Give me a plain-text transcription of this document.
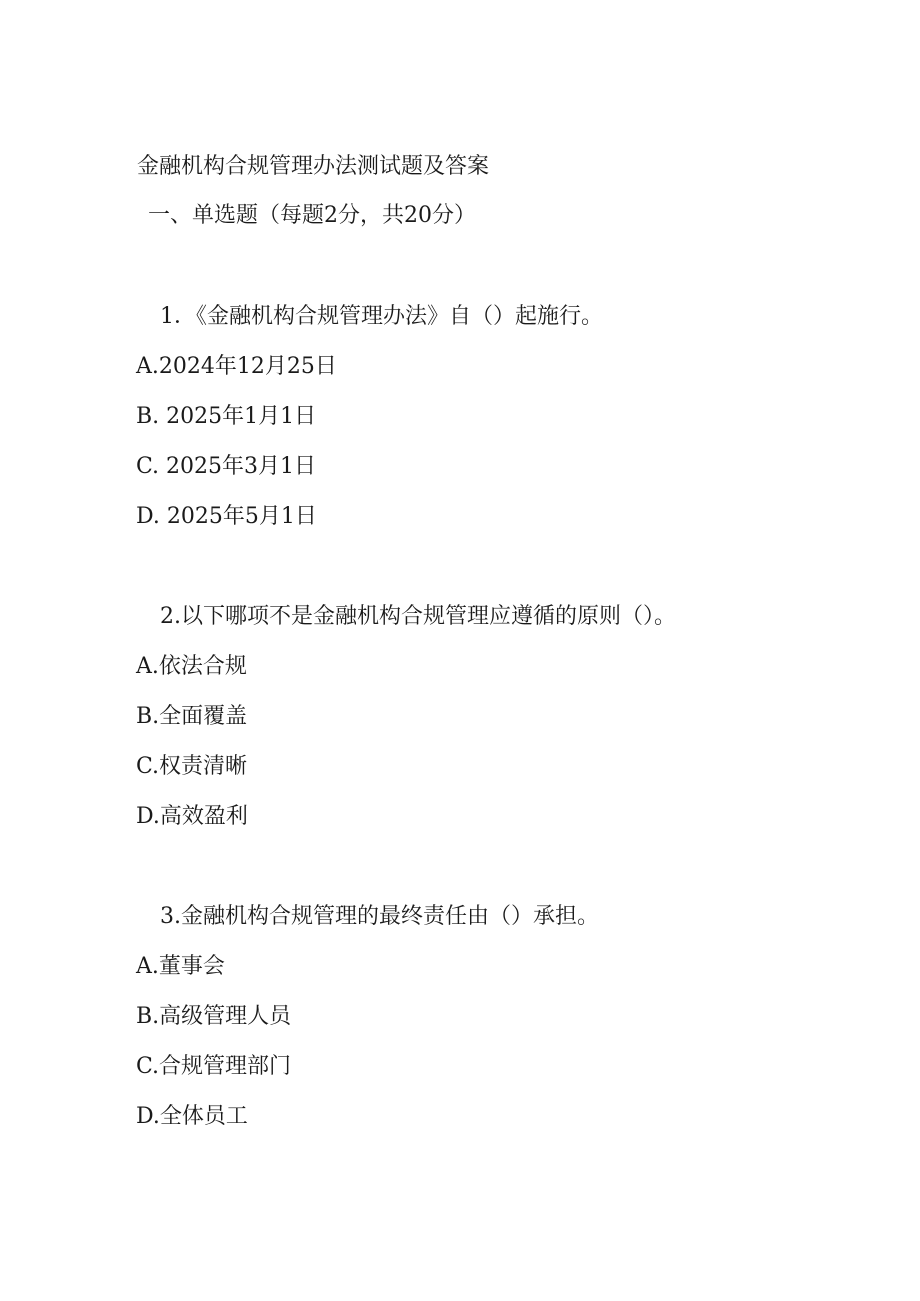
金融机构合规管理办法测试题及答案
一、单选题（每题2分，共20分）
1．《金融机构合规管理办法》自（）起施行。
A.2024年12月25日
B. 2025年1月1日
C. 2025年3月1日
D. 2025年5月1日
2.以下哪项不是金融机构合规管理应遵循的原则（）。
A.依法合规
B.全面覆盖
C.权责清晰
D.高效盈利
3.金融机构合规管理的最终责任由（）承担。
A.董事会
B.高级管理人员
C.合规管理部门
D.全体员工
